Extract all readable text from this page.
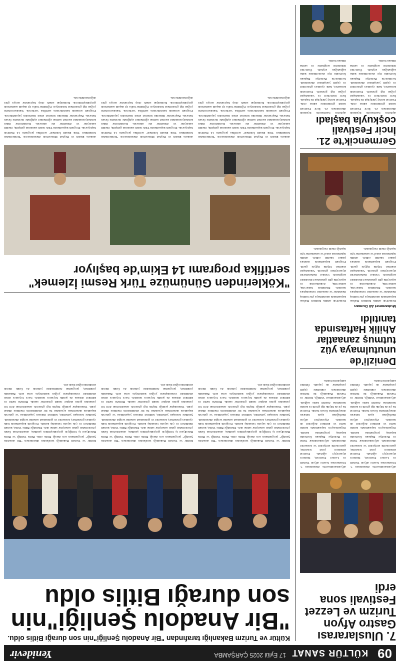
09
KÜLTÜR SANAT
17 Eylül 2025 ÇARŞAMBA
Yenidevir
7. Uluslararası Gastro Afyon Turizm ve Lezzet Festivali sona erdi

Afyonkarahisar'da düzenlenen 7. Uluslararası Gastro Afyon Turizm ve Lezzet Festivali, binlerce ziyaretçiyi ağırladı. Festival süresince yerel lezzetler, gastronomi atölyeleri ve konserler düzenlendi. Afyonkarahisar Valisi ve Belediye Başkanı festivalin kapanış programına katıldı. Organizasyon kapsamında kentin tarihi ve kültürel değerleri de tanıtıldı. Ziyaretçiler Afyon mutfağının eşsiz tatlarını deneyimleme fırsatı buldu. Festival bu yıl da büyük ilgi gördü ve kentin tanıtımına önemli katkı sağladı. Afyonkarahisar Valiliği, Kültür ve Turizm Bakanlığı ile birlikte düzenlenen etkinlikte çeşitli yarışmalar da yapıldı. Ödüller sahiplerini buldu.

Afyonkarahisar'da düzenlenen 7. Uluslararası Gastro Afyon Turizm ve Lezzet Festivali, binlerce ziyaretçiyi ağırladı. Festival süresince yerel lezzetler, gastronomi atölyeleri ve konserler düzenlendi. Afyonkarahisar Valisi ve Belediye Başkanı festivalin kapanış programına katıldı. Organizasyon kapsamında kentin tarihi ve kültürel değerleri de tanıtıldı. Ziyaretçiler Afyon mutfağının eşsiz tatlarını deneyimleme fırsatı buldu. Festival bu yıl da büyük ilgi gördü ve kentin tanıtımına önemli katkı sağladı. Afyonkarahisar Valiliği, Kültür ve Turizm Bakanlığı ile birlikte düzenlenen etkinlikte çeşitli yarışmalar da yapıldı. Ödüller sahiplerini buldu.

Denizli'de unutulmaya yüz tutmuş zanaatlar Ahilik Haftasında tanıtıldı
Muhammet Ali Duman

Denizli'de Ahilik Kültürü Haftası kapsamında unutulmaya yüz tutmuş meslekler ve zanaatlar vatandaşlara tanıtıldı. Etkinlikte bakırcılık, semercilik, dokumacılık ve sepetçilik gibi geleneksel meslekler sergilendi. Ustalar maharetlerini ziyaretçilere gösterdi. Vatandaşlar stantları büyük ilgiyle gezdi. Program kapsamında ustalara plaket takdim edildi. Ahilik teşkilatının esnaf ve sanatkarlar için taşıdığı önem vurgulandı.

Denizli'de Ahilik Kültürü Haftası kapsamında unutulmaya yüz tutmuş meslekler ve zanaatlar vatandaşlara tanıtıldı. Etkinlikte bakırcılık, semercilik, dokumacılık ve sepetçilik gibi geleneksel meslekler sergilendi. Ustalar maharetlerini ziyaretçilere gösterdi. Vatandaşlar stantları büyük ilgiyle gezdi. Program kapsamında ustalara plaket takdim edildi. Ahilik teşkilatının esnaf ve sanatkarlar için taşıdığı önem vurgulandı.

Germencik'te 21. İncir Festivali coşkuyla başladı

Aydın'ın Germencik ilçesinde düzenlenen 21. İncir Festivali renkli görüntülere sahne oldu. Festival kortej yürüyüşü ile başladı. İncir üreticileri ve vatandaşlar yoğun ilgi gösterdi. Festivalde konserler, halk oyunları gösterileri ve çeşitli yarışmalar düzenlendi. Germencik Belediye Başkanı festivalin ilçe ekonomisine katkı sağladığını söyledi. Üreticiler ürünlerini sergileme ve satma imkanı buldu.

Aydın'ın Germencik ilçesinde düzenlenen 21. İncir Festivali renkli görüntülere sahne oldu. Festival kortej yürüyüşü ile başladı. İncir üreticileri ve vatandaşlar yoğun ilgi gösterdi. Festivalde konserler, halk oyunları gösterileri ve çeşitli yarışmalar düzenlendi. Germencik Belediye Başkanı festivalin ilçe ekonomisine katkı sağladığını söyledi. Üreticiler ürünlerini sergileme ve satma imkanı buldu.

Kültür ve Turizm Bakanlığı tarafından "Bir Anadolu Şenliği"nin son durağı Bitlis oldu.
"Bir Anadolu Şenliği"nin son durağı Bitlis oldu

Kültür ve Turizm Bakanlığı tarafından düzenlenen "Bir Anadolu Şenliği" programının son durağı Bitlis oldu. Bitlis Valiliği ve Bitlis Belediyesi iş birliğiyle gerçekleştirilen şenlikte, Anadolu'nun farklı yörelerinden gelen sanatçılar sahne aldı. Etkinliğe Bitlis Valisi, kurum müdürleri ve çok sayıda vatandaş katıldı. Program kapsamında halk oyunları gösterileri, konserler ve geleneksel sanatlar sergisi düzenlendi. Şenlikte konuşan yetkililer, kültürel mirasın yaşatılması ve gelecek kuşaklara aktarılması açısından bu tür etkinliklerin önemine dikkat çekti. Vatandaşlar şenliğe büyük ilgi gösterdi. Anadolu'nun dört bir yanından gelen ekipler renkli gösteriler sundu. Bitlis'in tarihi ve kültürel dokusu da şenlik boyunca tanıtıldı. Gece boyunca süren etkinlikler vatandaşların yoğun katılımıyla sona erdi. Bakanlık yetkilileri, programın önümüzdeki yıllarda da farklı illerde sürdürüleceğini ifade etti.

Kültür ve Turizm Bakanlığı tarafından düzenlenen "Bir Anadolu Şenliği" programının son durağı Bitlis oldu. Bitlis Valiliği ve Bitlis Belediyesi iş birliğiyle gerçekleştirilen şenlikte, Anadolu'nun farklı yörelerinden gelen sanatçılar sahne aldı. Etkinliğe Bitlis Valisi, kurum müdürleri ve çok sayıda vatandaş katıldı. Program kapsamında halk oyunları gösterileri, konserler ve geleneksel sanatlar sergisi düzenlendi. Şenlikte konuşan yetkililer, kültürel mirasın yaşatılması ve gelecek kuşaklara aktarılması açısından bu tür etkinliklerin önemine dikkat çekti. Vatandaşlar şenliğe büyük ilgi gösterdi. Anadolu'nun dört bir yanından gelen ekipler renkli gösteriler sundu. Bitlis'in tarihi ve kültürel dokusu da şenlik boyunca tanıtıldı. Gece boyunca süren etkinlikler vatandaşların yoğun katılımıyla sona erdi. Bakanlık yetkilileri, programın önümüzdeki yıllarda da farklı illerde sürdürüleceğini ifade etti.

Kültür ve Turizm Bakanlığı tarafından düzenlenen "Bir Anadolu Şenliği" programının son durağı Bitlis oldu. Bitlis Valiliği ve Bitlis Belediyesi iş birliğiyle gerçekleştirilen şenlikte, Anadolu'nun farklı yörelerinden gelen sanatçılar sahne aldı. Etkinliğe Bitlis Valisi, kurum müdürleri ve çok sayıda vatandaş katıldı. Program kapsamında halk oyunları gösterileri, konserler ve geleneksel sanatlar sergisi düzenlendi. Şenlikte konuşan yetkililer, kültürel mirasın yaşatılması ve gelecek kuşaklara aktarılması açısından bu tür etkinliklerin önemine dikkat çekti. Vatandaşlar şenliğe büyük ilgi gösterdi. Anadolu'nun dört bir yanından gelen ekipler renkli gösteriler sundu. Bitlis'in tarihi ve kültürel dokusu da şenlik boyunca tanıtıldı. Gece boyunca süren etkinlikler vatandaşların yoğun katılımıyla sona erdi. Bakanlık yetkilileri, programın önümüzdeki yıllarda da farklı illerde sürdürüleceğini ifade etti.

"Köklerinden Günümüze Türk Resmi İzlemek" sertifika programı 14 Ekim'de başlıyor

Ankara Resim ve Heykel Müzesi'nde düzenlenecek "Köklerinden Günümüze Türk Resmi İzlemek" sertifika programı 14 Ekim'de başlayacak. Program kapsamında Türk resim sanatının gelişimi, önemli sanatçılar ve dönemler ele alınacak. Katılımcılar müze koleksiyonundaki eserleri uzman eğitmenler eşliğinde inceleme fırsatı bulacak. Başvurular müzenin internet sitesi üzerinden yapılabilecek. Program sonunda katılımcılara sertifika verilecek. Sanatseverlerin yoğun ilgi göstermesi bekleniyor. Eğitimler hafta içi akşam saatlerinde gerçekleştirilecek. Kontenjan sınırlı olup başvurular sıraya göre değerlendirilecek.

Ankara Resim ve Heykel Müzesi'nde düzenlenecek "Köklerinden Günümüze Türk Resmi İzlemek" sertifika programı 14 Ekim'de başlayacak. Program kapsamında Türk resim sanatının gelişimi, önemli sanatçılar ve dönemler ele alınacak. Katılımcılar müze koleksiyonundaki eserleri uzman eğitmenler eşliğinde inceleme fırsatı bulacak. Başvurular müzenin internet sitesi üzerinden yapılabilecek. Program sonunda katılımcılara sertifika verilecek. Sanatseverlerin yoğun ilgi göstermesi bekleniyor. Eğitimler hafta içi akşam saatlerinde gerçekleştirilecek. Kontenjan sınırlı olup başvurular sıraya göre değerlendirilecek.

Ankara Resim ve Heykel Müzesi'nde düzenlenecek "Köklerinden Günümüze Türk Resmi İzlemek" sertifika programı 14 Ekim'de başlayacak. Program kapsamında Türk resim sanatının gelişimi, önemli sanatçılar ve dönemler ele alınacak. Katılımcılar müze koleksiyonundaki eserleri uzman eğitmenler eşliğinde inceleme fırsatı bulacak. Başvurular müzenin internet sitesi üzerinden yapılabilecek. Program sonunda katılımcılara sertifika verilecek. Sanatseverlerin yoğun ilgi göstermesi bekleniyor. Eğitimler hafta içi akşam saatlerinde gerçekleştirilecek. Kontenjan sınırlı olup başvurular sıraya göre değerlendirilecek.
